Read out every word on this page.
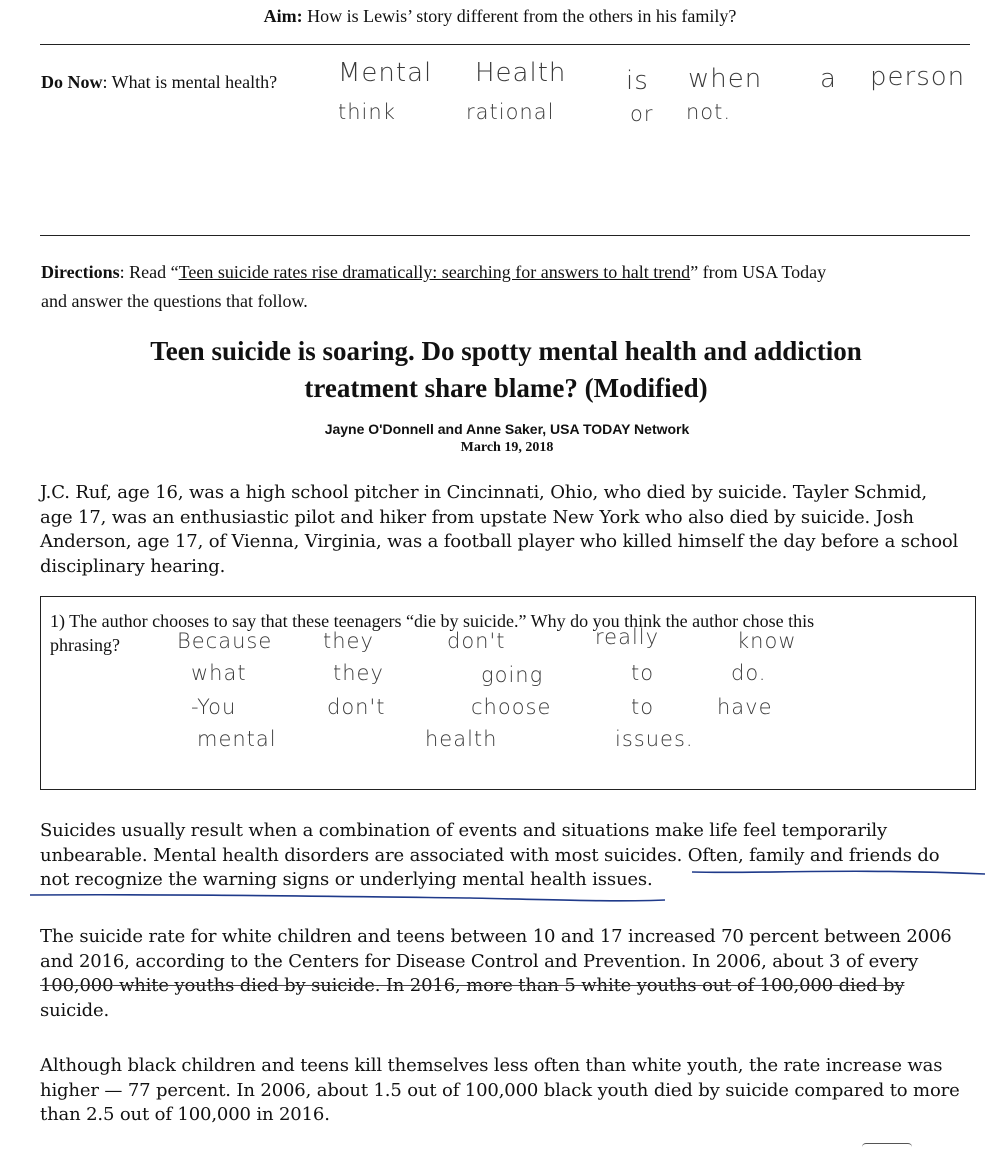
Aim: How is Lewis’ story different from the others in his family?
Do Now: What is mental health? Mental Health is when a person
think	rational	or not.
Directions: Read “Teen suicide rates rise dramatically: searching for answers to halt trend” from USA Today
and answer the questions that follow.
Teen suicide is soaring. Do spotty mental health and addiction
treatment share blame? (Modified)
Jayne O'Donnell and Anne Saker, USA TODAY Network
March 19, 2018
J.C. Ruf, age 16, was a high school pitcher in Cincinnati, Ohio, who died by suicide. Tayler Schmid,
age 17, was an enthusiastic pilot and hiker from upstate New York who also died by suicide. Josh
Anderson, age 17, of Vienna, Virginia, was a football player who killed himself the day before a school
disciplinary hearing.
1) The author chooses to say that these teenagers “die by suicide.” Why do you think the author chose this
phrasing?	Because they	don't	really	know
what	they	going	to	do.
-You	don't	choose	to	have
mental	health	issues.
Suicides usually result when a combination of events and situations make life feel temporarily
unbearable. Mental health disorders are associated with most suicides. Often, family and friends do
not recognize the warning signs or underlying mental health issues.
The suicide rate for white children and teens between 10 and 17 increased 70 percent between 2006
and 2016, according to the Centers for Disease Control and Prevention. In 2006, about 3 of every
100,000 white youths died by suicide. In 2016, more than 5 white youths out of 100,000 died by
suicide.
Although black children and teens kill themselves less often than white youth, the rate increase was
higher — 77 percent. In 2006, about 1.5 out of 100,000 black youth died by suicide compared to more
than 2.5 out of 100,000 in 2016.
